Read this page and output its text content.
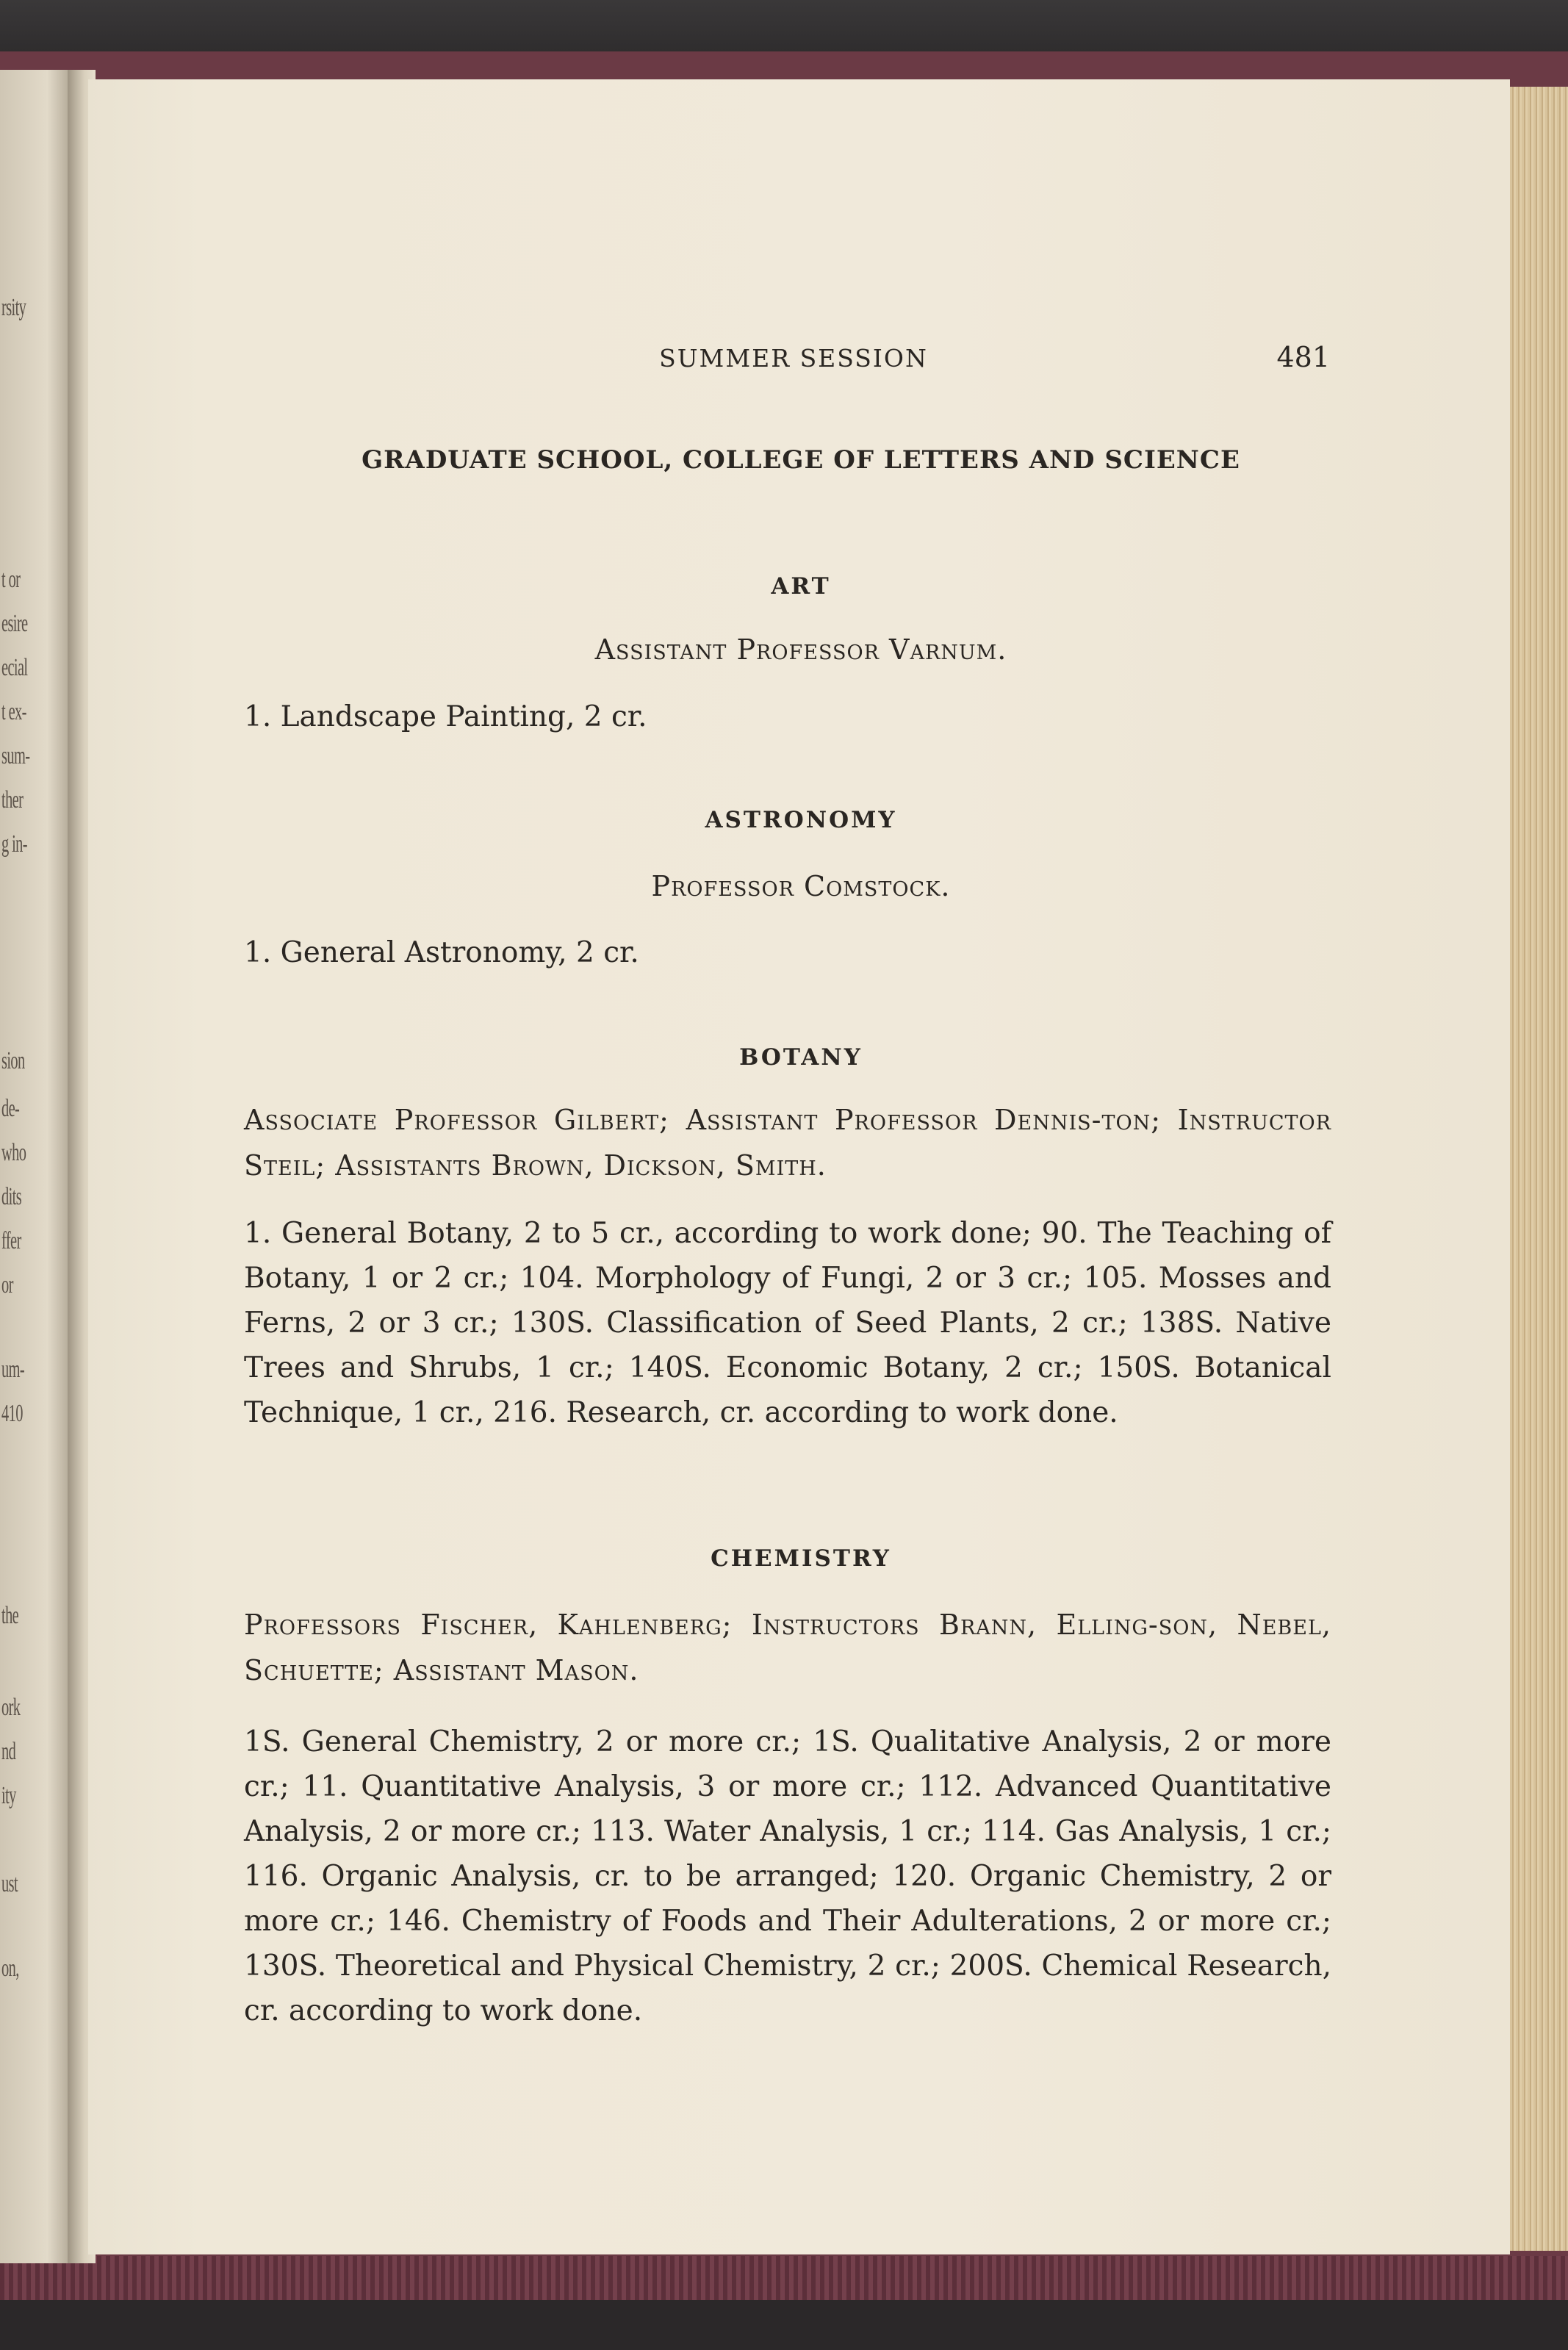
rsity
t or
esire
ecial
t ex-
sum-
ther
g in-
sion
de-
who
dits
ffer
or
um-
410
the
ork
nd
ity
ust
on,
SUMMER SESSION	481
GRADUATE SCHOOL, COLLEGE OF LETTERS AND SCIENCE
ART
Assistant Professor Varnum.
1. Landscape Painting, 2 cr.
ASTRONOMY
Professor Comstock.
1. General Astronomy, 2 cr.
BOTANY
Associate Professor Gilbert; Assistant Professor Dennis-ton; Instructor Steil; Assistants Brown, Dickson, Smith.
1. General Botany, 2 to 5 cr., according to work done; 90. The Teaching of Botany, 1 or 2 cr.; 104. Morphology of Fungi, 2 or 3 cr.; 105. Mosses and Ferns, 2 or 3 cr.; 130S. Classification of Seed Plants, 2 cr.; 138S. Native Trees and Shrubs, 1 cr.; 140S. Economic Botany, 2 cr.; 150S. Botanical Technique, 1 cr., 216. Research, cr. according to work done.
CHEMISTRY
Professors Fischer, Kahlenberg; Instructors Brann, Elling-son, Nebel, Schuette; Assistant Mason.
1S. General Chemistry, 2 or more cr.; 1S. Qualitative Analysis, 2 or more cr.; 11. Quantitative Analysis, 3 or more cr.; 112. Advanced Quantitative Analysis, 2 or more cr.; 113. Water Analysis, 1 cr.; 114. Gas Analysis, 1 cr.; 116. Organic Analysis, cr. to be arranged; 120. Organic Chemistry, 2 or more cr.; 146. Chemistry of Foods and Their Adulterations, 2 or more cr.; 130S. Theoretical and Physical Chemistry, 2 cr.; 200S. Chemical Research, cr. according to work done.
